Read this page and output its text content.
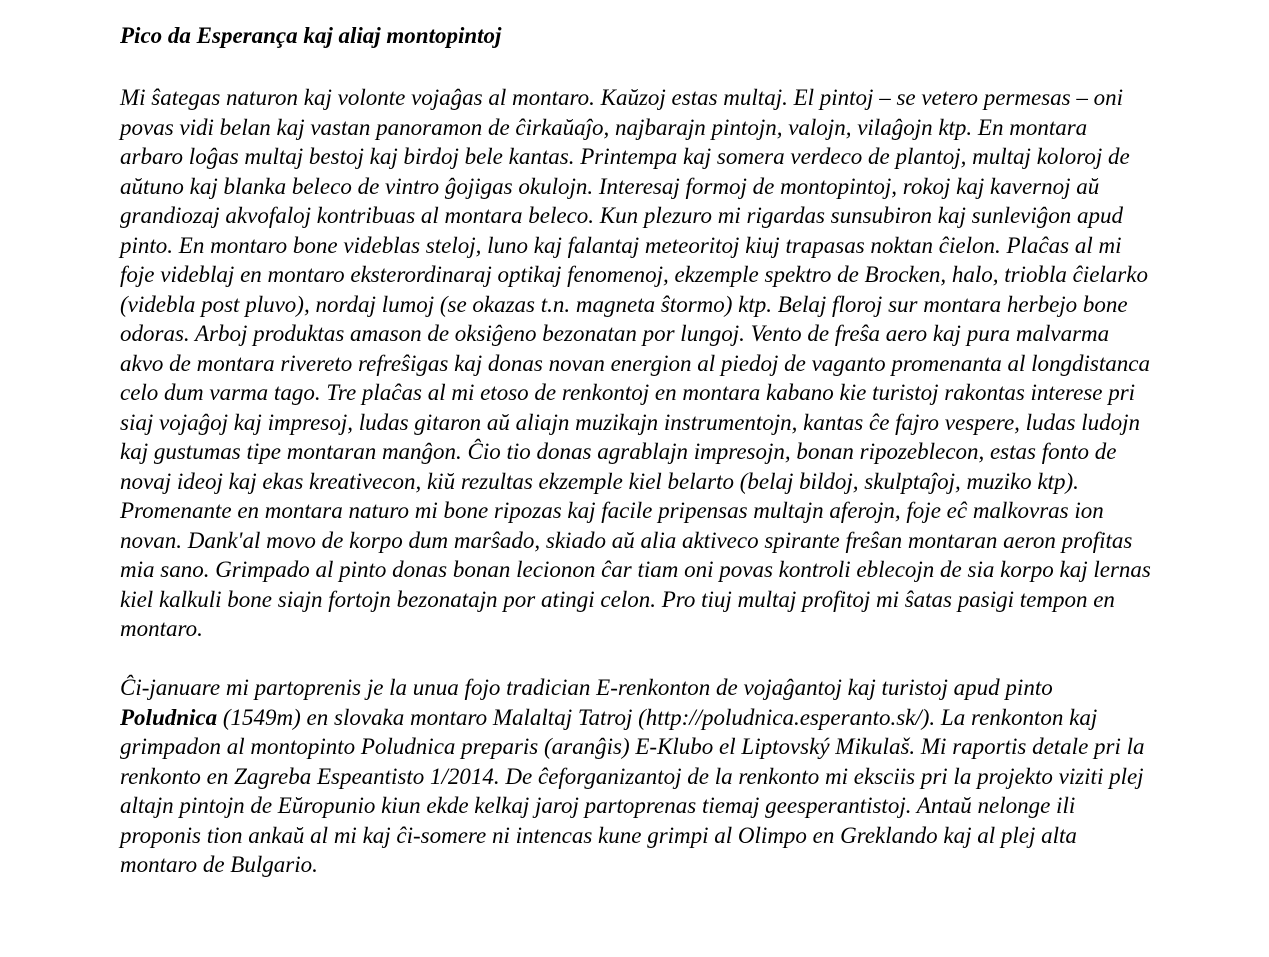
Pico da Esperança kaj aliaj montopintoj

Mi ŝategas naturon kaj volonte vojaĝas al montaro. Kaŭzoj estas multaj. El pintoj – se vetero permesas – oni povas vidi belan kaj vastan panoramon de ĉirkaŭaĵo, najbarajn pintojn, valojn, vilaĝojn ktp. En montara arbaro loĝas multaj bestoj kaj birdoj bele kantas. Printempa kaj somera verdeco de plantoj, multaj koloroj de aŭtuno kaj blanka beleco de vintro ĝojigas okulojn. Interesaj formoj de montopintoj, rokoj kaj kavernoj aŭ grandiozaj akvofaloj kontribuas al montara beleco. Kun plezuro mi rigardas sunsubiron kaj sunleviĝon apud pinto. En montaro bone videblas steloj, luno kaj falantaj meteoritoj kiuj trapasas noktan ĉielon. Plaĉas al mi foje videblaj en montaro eksterordinaraj optikaj fenomenoj, ekzemple spektro de Brocken, halo, triobla ĉielarko (videbla post pluvo), nordaj lumoj (se okazas t.n. magneta ŝtormo) ktp. Belaj floroj sur montara herbejo bone odoras. Arboj produktas amason de oksiĝeno bezonatan por lungoj. Vento de freŝa aero kaj pura malvarma akvo de montara rivereto refreŝigas kaj donas novan energion al piedoj de vaganto promenanta al longdistanca celo dum varma tago. Tre plaĉas al mi etoso de renkontoj en montara kabano kie turistoj rakontas interese pri siaj vojaĝoj kaj impresoj, ludas gitaron aŭ aliajn muzikajn instrumentojn, kantas ĉe fajro vespere, ludas ludojn kaj gustumas tipe montaran manĝon. Ĉio tio donas agrablajn impresojn, bonan ripozeblecon, estas fonto de novaj ideoj kaj ekas kreativecon, kiŭ rezultas ekzemple kiel belarto (belaj bildoj, skulptaĵoj, muziko ktp). Promenante en montara naturo mi bone ripozas kaj facile pripensas multajn aferojn, foje eĉ malkovras ion novan. Dank'al movo de korpo dum marŝado, skiado aŭ alia aktiveco spirante freŝan montaran aeron profitas mia sano. Grimpado al pinto donas bonan lecionon ĉar tiam oni povas kontroli eblecojn de sia korpo kaj lernas kiel kalkuli bone siajn fortojn bezonatajn por atingi celon. Pro tiuj multaj profitoj mi ŝatas pasigi tempon en montaro.

Ĉi-januare mi partoprenis je la unua fojo tradician E-renkonton de vojaĝantoj kaj turistoj apud pinto Poludnica (1549m) en slovaka montaro Malaltaj Tatroj (http://poludnica.esperanto.sk/). La renkonton kaj grimpadon al montopinto Poludnica preparis (aranĝis) E-Klubo el Liptovský Mikulaš. Mi raportis detale pri la renkonto en Zagreba Espeantisto 1/2014. De ĉeforganizantoj de la renkonto mi eksciis pri la projekto viziti plej altajn pintojn de Eŭropunio kiun ekde kelkaj jaroj partoprenas tiemaj geesperantistoj. Antaŭ nelonge ili proponis tion ankaŭ al mi kaj ĉi-somere ni intencas kune grimpi al Olimpo en Greklando kaj al plej alta montaro de Bulgario.
